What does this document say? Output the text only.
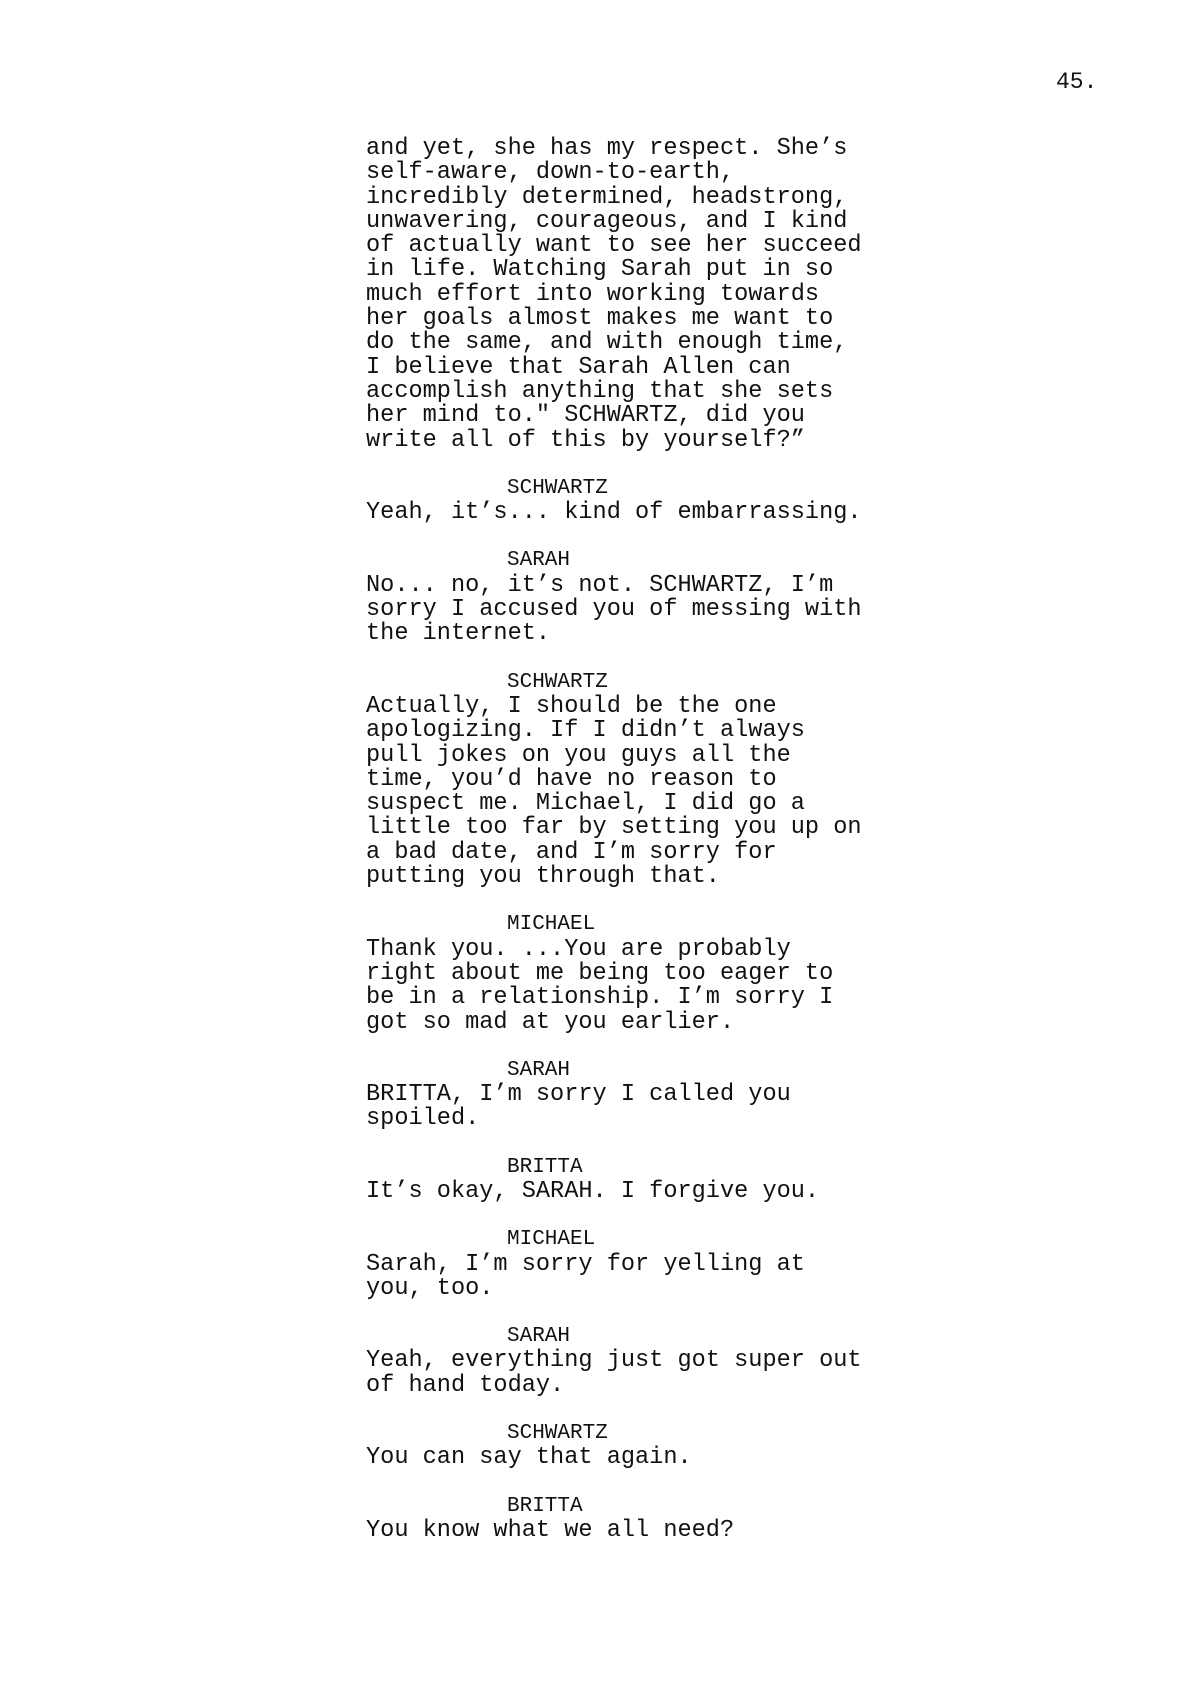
45.
and yet, she has my respect. She’s
self-aware, down-to-earth,
incredibly determined, headstrong,
unwavering, courageous, and I kind
of actually want to see her succeed
in life. Watching Sarah put in so
much effort into working towards
her goals almost makes me want to
do the same, and with enough time,
I believe that Sarah Allen can
accomplish anything that she sets
her mind to." SCHWARTZ, did you
write all of this by yourself?”
SCHWARTZ
Yeah, it’s... kind of embarrassing.
SARAH
No... no, it’s not. SCHWARTZ, I’m
sorry I accused you of messing with
the internet.
SCHWARTZ
Actually, I should be the one
apologizing. If I didn’t always
pull jokes on you guys all the
time, you’d have no reason to
suspect me. Michael, I did go a
little too far by setting you up on
a bad date, and I’m sorry for
putting you through that.
MICHAEL
Thank you. ...You are probably
right about me being too eager to
be in a relationship. I’m sorry I
got so mad at you earlier.
SARAH
BRITTA, I’m sorry I called you
spoiled.
BRITTA
It’s okay, SARAH. I forgive you.
MICHAEL
Sarah, I’m sorry for yelling at
you, too.
SARAH
Yeah, everything just got super out
of hand today.
SCHWARTZ
You can say that again.
BRITTA
You know what we all need?
